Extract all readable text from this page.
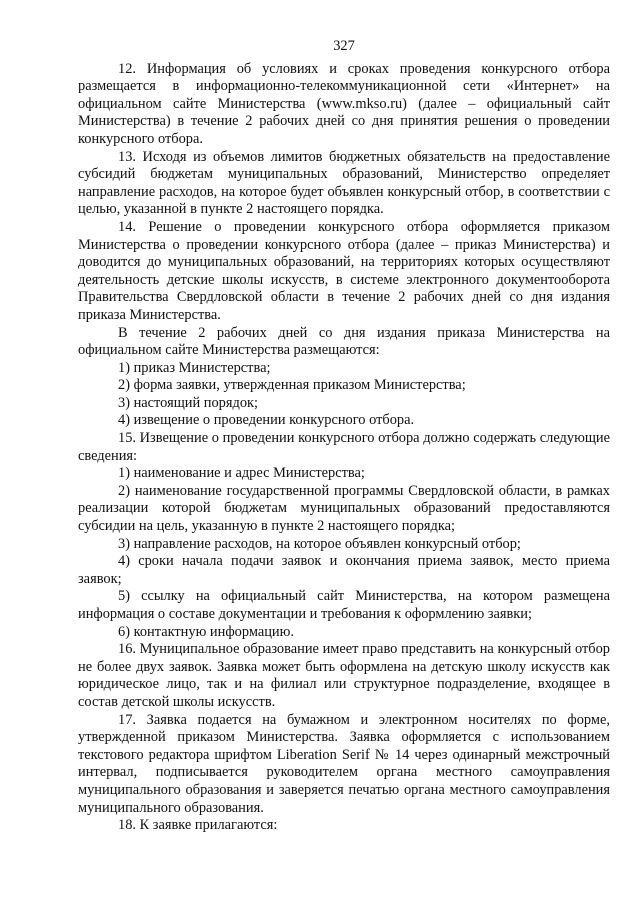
327

12. Информация об условиях и сроках проведения конкурсного отбора размещается в информационно-телекоммуникационной сети «Интернет» на официальном сайте Министерства (www.mkso.ru) (далее – официальный сайт Министерства) в течение 2 рабочих дней со дня принятия решения о проведении конкурсного отбора.

13. Исходя из объемов лимитов бюджетных обязательств на предоставление субсидий бюджетам муниципальных образований, Министерство определяет направление расходов, на которое будет объявлен конкурсный отбор, в соответствии с целью, указанной в пункте 2 настоящего порядка.

14. Решение о проведении конкурсного отбора оформляется приказом Министерства о проведении конкурсного отбора (далее – приказ Министерства) и доводится до муниципальных образований, на территориях которых осуществляют деятельность детские школы искусств, в системе электронного документооборота Правительства Свердловской области в течение 2 рабочих дней со дня издания приказа Министерства.

В течение 2 рабочих дней со дня издания приказа Министерства на официальном сайте Министерства размещаются:

1) приказ Министерства;

2) форма заявки, утвержденная приказом Министерства;

3) настоящий порядок;

4) извещение о проведении конкурсного отбора.

15. Извещение о проведении конкурсного отбора должно содержать следующие сведения:

1) наименование и адрес Министерства;

2) наименование государственной программы Свердловской области, в рамках реализации которой бюджетам муниципальных образований предоставляются субсидии на цель, указанную в пункте 2 настоящего порядка;

3) направление расходов, на которое объявлен конкурсный отбор;

4) сроки начала подачи заявок и окончания приема заявок, место приема заявок;

5) ссылку на официальный сайт Министерства, на котором размещена информация о составе документации и требования к оформлению заявки;

6) контактную информацию.

16. Муниципальное образование имеет право представить на конкурсный отбор не более двух заявок. Заявка может быть оформлена на детскую школу искусств как юридическое лицо, так и на филиал или структурное подразделение, входящее в состав детской школы искусств.

17. Заявка подается на бумажном и электронном носителях по форме, утвержденной приказом Министерства. Заявка оформляется с использованием текстового редактора шрифтом Liberation Serif № 14 через одинарный межстрочный интервал, подписывается руководителем органа местного самоуправления муниципального образования и заверяется печатью органа местного самоуправления муниципального образования.

18. К заявке прилагаются:
